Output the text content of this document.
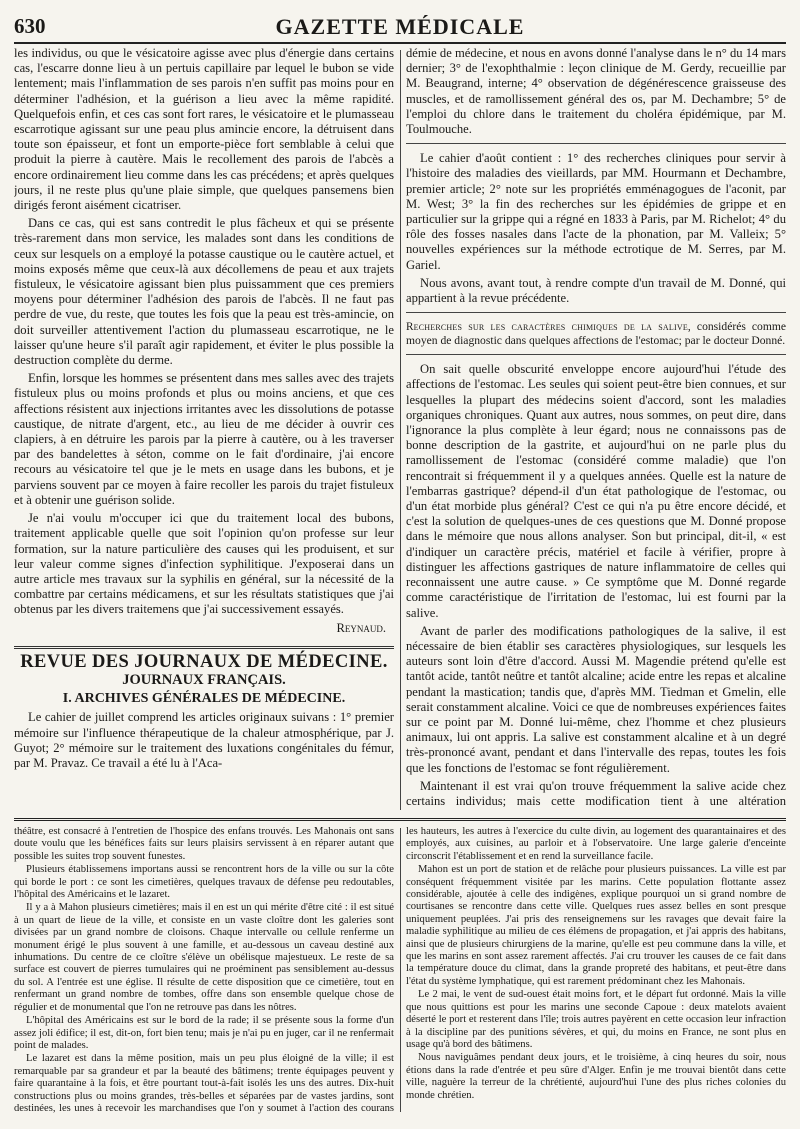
630	GAZETTE MÉDICALE

les individus, ou que le vésicatoire agisse avec plus d'énergie dans certains cas, l'escarre donne lieu à un pertuis capillaire par lequel le bubon se vide lentement; mais l'inflammation de ses parois n'en suffit pas moins pour en déterminer l'adhésion, et la guérison a lieu avec la même rapidité. Quelquefois enfin, et ces cas sont fort rares, le vésicatoire et le plumasseau escarrotique agissant sur une peau plus amincie encore, la détruisent dans toute son épaisseur, et font un emporte-pièce fort semblable à celui que produit la pierre à cautère. Mais le recollement des parois de l'abcès a encore ordinairement lieu comme dans les cas précédens; et après quelques jours, il ne reste plus qu'une plaie simple, que quelques pansemens bien dirigés feront aisément cicatriser.

Dans ce cas, qui est sans contredit le plus fâcheux et qui se présente très-rarement dans mon service, les malades sont dans les conditions de ceux sur lesquels on a employé la potasse caustique ou le cautère actuel, et moins exposés même que ceux-là aux décollemens de peau et aux trajets fistuleux, le vésicatoire agissant bien plus puissamment que ces premiers moyens pour déterminer l'adhésion des parois de l'abcès. Il ne faut pas perdre de vue, du reste, que toutes les fois que la peau est très-amincie, on doit surveiller attentivement l'action du plumasseau escarrotique, ne le laisser qu'une heure s'il paraît agir rapidement, et éviter le plus possible la destruction complète du derme.

Enfin, lorsque les hommes se présentent dans mes salles avec des trajets fistuleux plus ou moins profonds et plus ou moins anciens, et que ces affections résistent aux injections irritantes avec les dissolutions de potasse caustique, de nitrate d'argent, etc., au lieu de me décider à ouvrir ces clapiers, à en détruire les parois par la pierre à cautère, ou à les traverser par des bandelettes à séton, comme on le fait d'ordinaire, j'ai encore recours au vésicatoire tel que je le mets en usage dans les bubons, et je parviens souvent par ce moyen à faire recoller les parois du trajet fistuleux et à obtenir une guérison solide.

Je n'ai voulu m'occuper ici que du traitement local des bubons, traitement applicable quelle que soit l'opinion qu'on professe sur leur formation, sur la nature particulière des causes qui les produisent, et sur leur valeur comme signes d'infection syphilitique. J'exposerai dans un autre article mes travaux sur la syphilis en général, sur la nécessité de la combattre par certains médicamens, et sur les résultats statistiques que j'ai obtenus par les divers traitemens que j'ai successivement essayés.

Reynaud.

REVUE DES JOURNAUX DE MÉDECINE.
JOURNAUX FRANÇAIS.
I. ARCHIVES GÉNÉRALES DE MÉDECINE.

Le cahier de juillet comprend les articles originaux suivans : 1° premier mémoire sur l'influence thérapeutique de la chaleur atmosphérique, par J. Guyot; 2° mémoire sur le traitement des luxations congénitales du fémur, par M. Pravaz. Ce travail a été lu à l'Aca-

démie de médecine, et nous en avons donné l'analyse dans le n° du 14 mars dernier; 3° de l'exophthalmie : leçon clinique de M. Gerdy, recueillie par M. Beaugrand, interne; 4° observation de dégénérescence graisseuse des muscles, et de ramollissement général des os, par M. Dechambre; 5° de l'emploi du chlore dans le traitement du choléra épidémique, par M. Toulmouche.

Le cahier d'août contient : 1° des recherches cliniques pour servir à l'histoire des maladies des vieillards, par MM. Hourmann et Dechambre, premier article; 2° note sur les propriétés emménagogues de l'aconit, par M. West; 3° la fin des recherches sur les épidémies de grippe et en particulier sur la grippe qui a régné en 1833 à Paris, par M. Richelot; 4° du rôle des fosses nasales dans l'acte de la phonation, par M. Valleix; 5° nouvelles expériences sur la méthode ectrotique de M. Serres, par M. Gariel.

Nous avons, avant tout, à rendre compte d'un travail de M. Donné, qui appartient à la revue précédente.

Recherches sur les caractères chimiques de la salive, considérés comme moyen de diagnostic dans quelques affections de l'estomac; par le docteur Donné.

On sait quelle obscurité enveloppe encore aujourd'hui l'étude des affections de l'estomac. Les seules qui soient peut-être bien connues, et sur lesquelles la plupart des médecins soient d'accord, sont les maladies organiques chroniques. Quant aux autres, nous sommes, on peut dire, dans l'ignorance la plus complète à leur égard; nous ne connaissons pas de bonne description de la gastrite, et aujourd'hui on ne parle plus du ramollissement de l'estomac (considéré comme maladie) que l'on rencontrait si fréquemment il y a quelques années. Quelle est la nature de l'embarras gastrique? dépend-il d'un état pathologique de l'estomac, ou d'un état morbide plus général? C'est ce qui n'a pu être encore décidé, et c'est la solution de quelques-unes de ces questions que M. Donné propose dans le mémoire que nous allons analyser. Son but principal, dit-il, « est d'indiquer un caractère précis, matériel et facile à vérifier, propre à distinguer les affections gastriques de nature inflammatoire de celles qui reconnaissent une autre cause. » Ce symptôme que M. Donné regarde comme caractéristique de l'irritation de l'estomac, lui est fourni par la salive.

Avant de parler des modifications pathologiques de la salive, il est nécessaire de bien établir ses caractères physiologiques, sur lesquels les auteurs sont loin d'être d'accord. Aussi M. Magendie prétend qu'elle est tantôt acide, tantôt neûtre et tantôt alcaline; acide entre les repas et alcaline pendant la mastication; tandis que, d'après MM. Tiedman et Gmelin, elle serait constamment alcaline. Voici ce que de nombreuses expériences faites sur ce point par M. Donné lui-même, chez l'homme et chez plusieurs animaux, lui ont appris. La salive est constamment alcaline et à un degré très-prononcé avant, pendant et dans l'intervalle des repas, toutes les fois que les fonctions de l'estomac se font régulièrement.

Maintenant il est vrai qu'on trouve fréquemment la salive acide chez certains individus; mais cette modification tient à une altération

théâtre, est consacré à l'entretien de l'hospice des enfans trouvés. Les Mahonais ont sans doute voulu que les bénéfices faits sur leurs plaisirs servissent à en réparer autant que possible les suites trop souvent funestes.

Plusieurs établissemens importans aussi se rencontrent hors de la ville ou sur la côte qui borde le port : ce sont les cimetières, quelques travaux de défense peu redoutables, l'hôpital des Américains et le lazaret.

Il y a à Mahon plusieurs cimetières; mais il en est un qui mérite d'être cité : il est situé à un quart de lieue de la ville, et consiste en un vaste cloître dont les galeries sont divisées par un grand nombre de cloisons. Chaque intervalle ou cellule renferme un monument érigé le plus souvent à une famille, et au-dessous un caveau destiné aux inhumations. Du centre de ce cloître s'élève un obélisque majestueux. Le reste de sa surface est couvert de pierres tumulaires qui ne proéminent pas sensiblement au-dessus du sol. A l'entrée est une église. Il résulte de cette disposition que ce cimetière, tout en renfermant un grand nombre de tombes, offre dans son ensemble quelque chose de régulier et de monumental que l'on ne retrouve pas dans les nôtres.

L'hôpital des Américains est sur le bord de la rade; il se présente sous la forme d'un assez joli édifice; il est, dit-on, fort bien tenu; mais je n'ai pu en juger, car il ne renfermait point de malades.

Le lazaret est dans la même position, mais un peu plus éloigné de la ville; il est remarquable par sa grandeur et par la beauté des bâtimens; trente équipages peuvent y faire quarantaine à la fois, et être pourtant tout-à-fait isolés les uns des autres. Dix-huit constructions plus ou moins grandes, très-belles et séparées par de vastes jardins, sont destinées, les unes à recevoir les marchandises que l'on y soumet à l'action des courans

les hauteurs, les autres à l'exercice du culte divin, au logement des quarantainaires et des employés, aux cuisines, au parloir et à l'observatoire. Une large galerie d'enceinte circonscrit l'établissement et en rend la surveillance facile.

Mahon est un port de station et de relâche pour plusieurs puissances. La ville est par conséquent fréquemment visitée par les marins. Cette population flottante assez considérable, ajoutée à celle des indigènes, explique pourquoi un si grand nombre de courtisanes se rencontre dans cette ville. Quelques rues assez belles en sont presque uniquement peuplées. J'ai pris des renseignemens sur les ravages que devait faire la maladie syphilitique au milieu de ces élémens de propagation, et j'ai appris des habitans, ainsi que de plusieurs chirurgiens de la marine, qu'elle est peu commune dans la ville, et que les marins en sont assez rarement affectés. J'ai cru trouver les causes de ce fait dans la température douce du climat, dans la grande propreté des habitans, et peut-être dans l'état du système lymphatique, qui est rarement prédominant chez les Mahonais.

Le 2 mai, le vent de sud-ouest était moins fort, et le départ fut ordonné. Mais la ville que nous quittions est pour les marins une seconde Capoue : deux matelots avaient déserté le port et resterent dans l'île; trois autres payèrent en cette occasion leur infraction à la discipline par des punitions sévères, et qui, du moins en France, ne sont plus en usage qu'à bord des bâtimens.

Nous naviguâmes pendant deux jours, et le troisième, à cinq heures du soir, nous étions dans la rade d'entrée et peu sûre d'Alger. Enfin je me trouvai bientôt dans cette ville, naguère la terreur de la chrétienté, aujourd'hui l'une des plus riches colonies du monde chrétien.
